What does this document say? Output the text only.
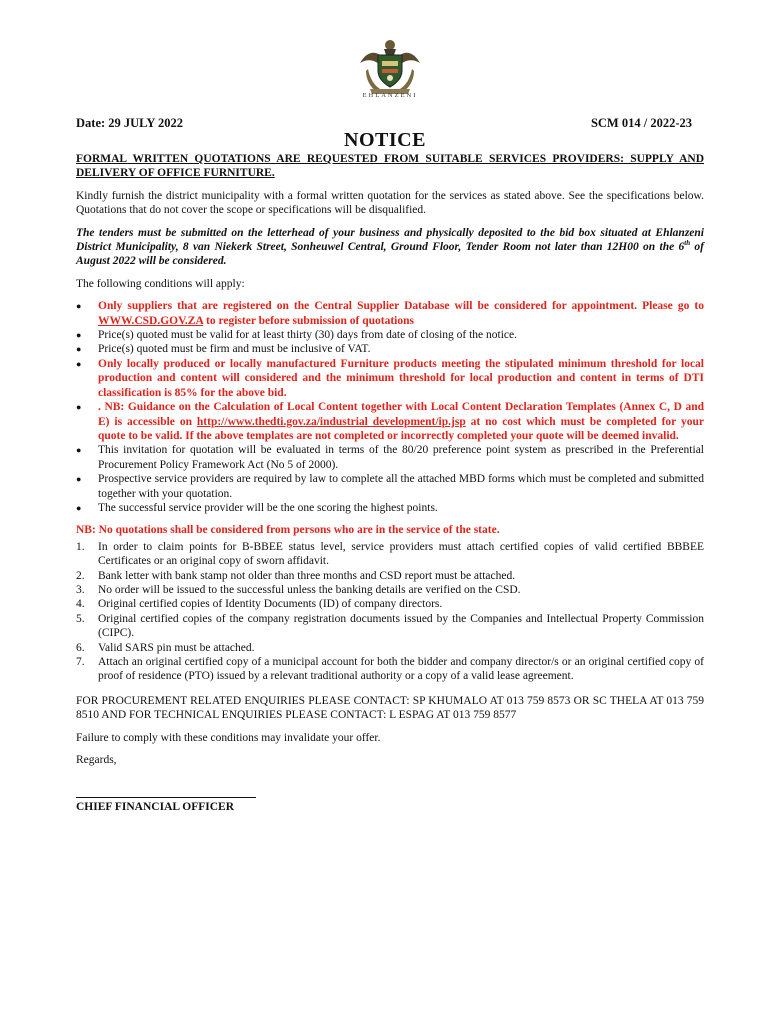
EHLANZENI
Date: 29 JULY 2022	SCM 014 / 2022-23
NOTICE
FORMAL WRITTEN QUOTATIONS ARE REQUESTED FROM SUITABLE SERVICES PROVIDERS: SUPPLY AND DELIVERY OF OFFICE FURNITURE.

Kindly furnish the district municipality with a formal written quotation for the services as stated above. See the specifications below. Quotations that do not cover the scope or specifications will be disqualified.

The tenders must be submitted on the letterhead of your business and physically deposited to the bid box situated at Ehlanzeni District Municipality, 8 van Niekerk Street, Sonheuwel Central, Ground Floor, Tender Room not later than 12H00 on the 6th of August 2022 will be considered.

The following conditions will apply:

● Only suppliers that are registered on the Central Supplier Database will be considered for appointment. Please go to WWW.CSD.GOV.ZA to register before submission of quotations
● Price(s) quoted must be valid for at least thirty (30) days from date of closing of the notice.
● Price(s) quoted must be firm and must be inclusive of VAT.
● Only locally produced or locally manufactured Furniture products meeting the stipulated minimum threshold for local production and content will considered and the minimum threshold for local production and content in terms of DTI classification is 85% for the above bid.
● . NB: Guidance on the Calculation of Local Content together with Local Content Declaration Templates (Annex C, D and E) is accessible on http://www.thedti.gov.za/industrial development/ip.jsp at no cost which must be completed for your quote to be valid. If the above templates are not completed or incorrectly completed your quote will be deemed invalid.
● This invitation for quotation will be evaluated in terms of the 80/20 preference point system as prescribed in the Preferential Procurement Policy Framework Act (No 5 of 2000).
● Prospective service providers are required by law to complete all the attached MBD forms which must be completed and submitted together with your quotation.
● The successful service provider will be the one scoring the highest points.
NB: No quotations shall be considered from persons who are in the service of the state.
1. In order to claim points for B-BBEE status level, service providers must attach certified copies of valid certified BBBEE Certificates or an original copy of sworn affidavit.
2. Bank letter with bank stamp not older than three months and CSD report must be attached.
3. No order will be issued to the successful unless the banking details are verified on the CSD.
4. Original certified copies of Identity Documents (ID) of company directors.
5. Original certified copies of the company registration documents issued by the Companies and Intellectual Property Commission (CIPC).
6. Valid SARS pin must be attached.
7. Attach an original certified copy of a municipal account for both the bidder and company director/s or an original certified copy of proof of residence (PTO) issued by a relevant traditional authority or a copy of a valid lease agreement.

FOR PROCUREMENT RELATED ENQUIRIES PLEASE CONTACT: SP KHUMALO AT 013 759 8573 OR SC THELA AT 013 759 8510 AND FOR TECHNICAL ENQUIRIES PLEASE CONTACT: L ESPAG AT 013 759 8577

Failure to comply with these conditions may invalidate your offer.

Regards,

CHIEF FINANCIAL OFFICER
